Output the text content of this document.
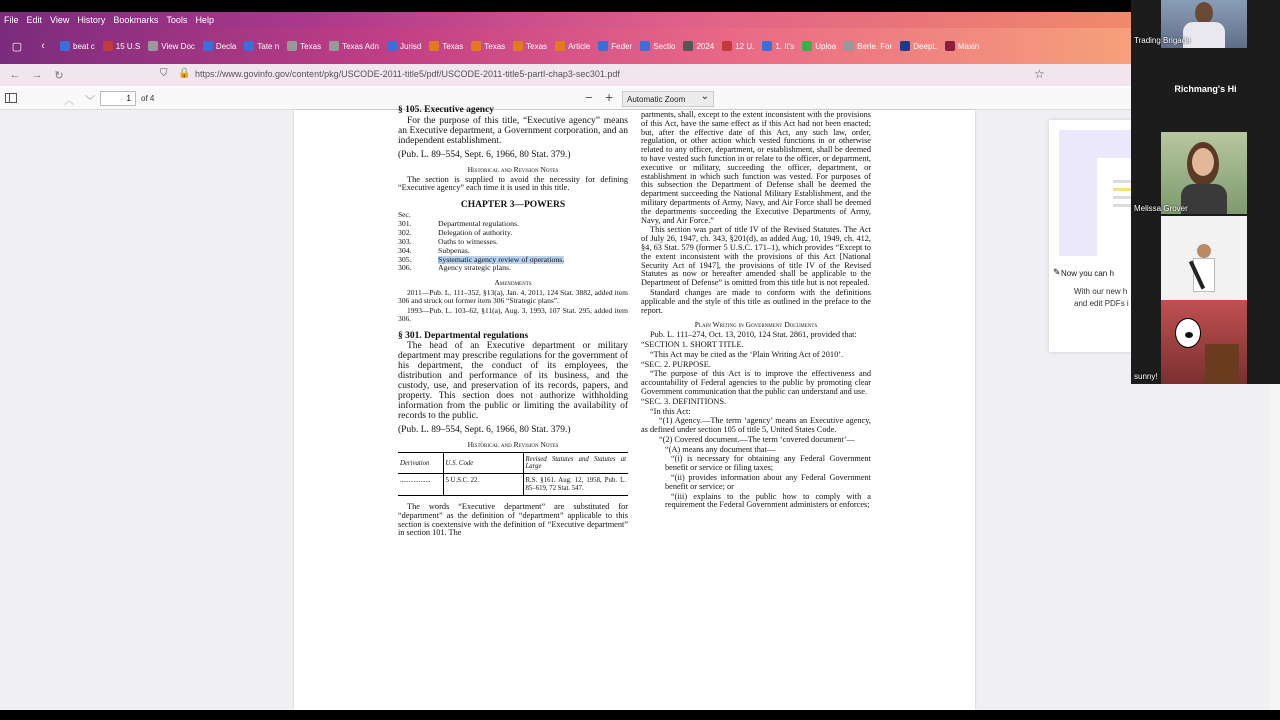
File Edit View History Bookmarks Tools Help
▢	‹	beat c	15 U.S	View Doc	Decla	Tate n	Texas	Texas Adn	Jurisd	Texas	Texas	Texas	Article	Feder	Sectio	2024	12 U.	1. It's	Uploa	Berle. For	DeepL	Maxin
←	→	↻	⛉ 🔒 https://www.govinfo.gov/content/pkg/USCODE-2011-title5/pdf/USCODE-2011-title5-partI-chap3-sec301.pdf	☆
︿ ﹀	1	of 4	− +	Automatic Zoom ⌄

§ 105. Executive agency

For the purpose of this title, “Executive agency” means an Executive department, a Government corporation, and an independent establishment.

(Pub. L. 89–554, Sept. 6, 1966, 80 Stat. 379.)

Historical and Revision Notes

The section is supplied to avoid the necessity for defining “Executive agency” each time it is used in this title.

CHAPTER 3—POWERS

Sec.

301.	Departmental regulations.
302.	Delegation of authority.
303.	Oaths to witnesses.
304.	Subpenas.
305.	Systematic agency review of operations.
306.	Agency strategic plans.

Amendments

2011—Pub. L. 111–352, §13(a), Jan. 4, 2011, 124 Stat. 3882, added item 306 and struck out former item 306 “Strategic plans”.

1993—Pub. L. 103–62, §11(a), Aug. 3, 1993, 107 Stat. 295, added item 306.

§ 301. Departmental regulations

The head of an Executive department or military department may prescribe regulations for the government of his department, the conduct of its employees, the distribution and performance of its business, and the custody, use, and preservation of its records, papers, and property. This section does not authorize withholding information from the public or limiting the availability of records to the public.

(Pub. L. 89–554, Sept. 6, 1966, 80 Stat. 379.)

Historical and Revision Notes

Derivation	U.S. Code	Revised Statutes and Statutes at Large
..................	5 U.S.C. 22.	R.S. §161. Aug. 12, 1958, Pub. L. 85–619, 72 Stat. 547.

The words “Executive department” are substituted for “department” as the definition of “department” applicable to this section is coextensive with the definition of “Executive department” in section 101. The

partments, shall, except to the extent inconsistent with the provisions of this Act, have the same effect as if this Act had not been enacted; but, after the effective date of this Act, any such law, order, regulation, or other action which vested functions in or otherwise related to any officer, department, or establishment, shall be deemed to have vested such function in or relate to the officer, or department, executive or military, succeeding the officer, department, or establishment in which such function was vested. For purposes of this subsection the Department of Defense shall be deemed the department succeeding the National Military Establishment, and the military departments of Army, Navy, and Air Force shall be deemed the departments succeeding the Executive Departments of Army, Navy, and Air Force.”

This section was part of title IV of the Revised Statutes. The Act of July 26, 1947, ch. 343, §201(d), as added Aug. 10, 1949, ch. 412, §4, 63 Stat. 579 (former 5 U.S.C. 171–1), which provides “Except to the extent inconsistent with the provisions of this Act [National Security Act of 1947], the provisions of title IV of the Revised Statutes as now or hereafter amended shall be applicable to the Department of Defense” is omitted from this title but is not repealed.

Standard changes are made to conform with the definitions applicable and the style of this title as outlined in the preface to the report.

Plain Writing in Government Documents

Pub. L. 111–274, Oct. 13, 2010, 124 Stat. 2861, provided that:

“SECTION 1. SHORT TITLE.

“This Act may be cited as the ‘Plain Writing Act of 2010’.

“SEC. 2. PURPOSE.

“The purpose of this Act is to improve the effectiveness and accountability of Federal agencies to the public by promoting clear Government communication that the public can understand and use.

“SEC. 3. DEFINITIONS.

“In this Act:

“(1) Agency.—The term ‘agency’ means an Executive agency, as defined under section 105 of title 5, United States Code.

“(2) Covered document.—The term ‘covered document’—

“(A) means any document that—

“(i) is necessary for obtaining any Federal Government benefit or service or filing taxes;

“(ii) provides information about any Federal Government benefit or service; or

“(iii) explains to the public how to comply with a requirement the Federal Government administers or enforces;

✎ Now you can h
With our new h
and edit PDFs i
Trading Brigade
Richmang's Hi
Melissa Grover
sunny!
